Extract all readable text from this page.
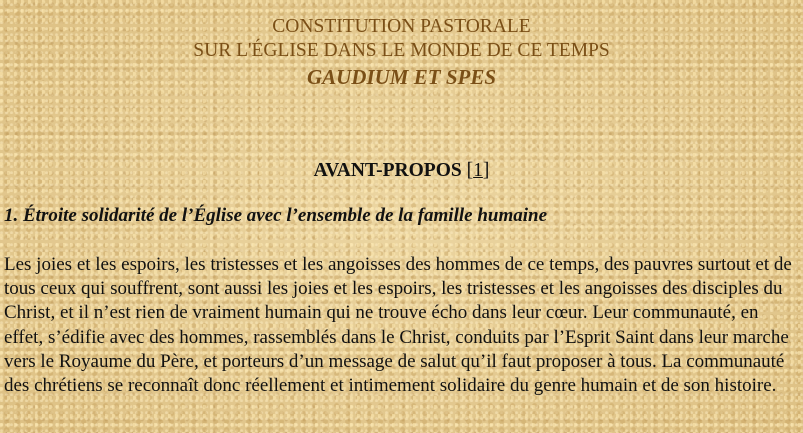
CONSTITUTION PASTORALE
SUR L'ÉGLISE DANS LE MONDE DE CE TEMPS
GAUDIUM ET SPES
AVANT-PROPOS [1]
1. Étroite solidarité de l’Église avec l’ensemble de la famille humaine
Les joies et les espoirs, les tristesses et les angoisses des hommes de ce temps, des pauvres surtout et de tous ceux qui souffrent, sont aussi les joies et les espoirs, les tristesses et les angoisses des disciples du Christ, et il n’est rien de vraiment humain qui ne trouve écho dans leur cœur. Leur communauté, en effet, s’édifie avec des hommes, rassemblés dans le Christ, conduits par l’Esprit Saint dans leur marche vers le Royaume du Père, et porteurs d’un message de salut qu’il faut proposer à tous. La communauté des chrétiens se reconnaît donc réellement et intimement solidaire du genre humain et de son histoire.
